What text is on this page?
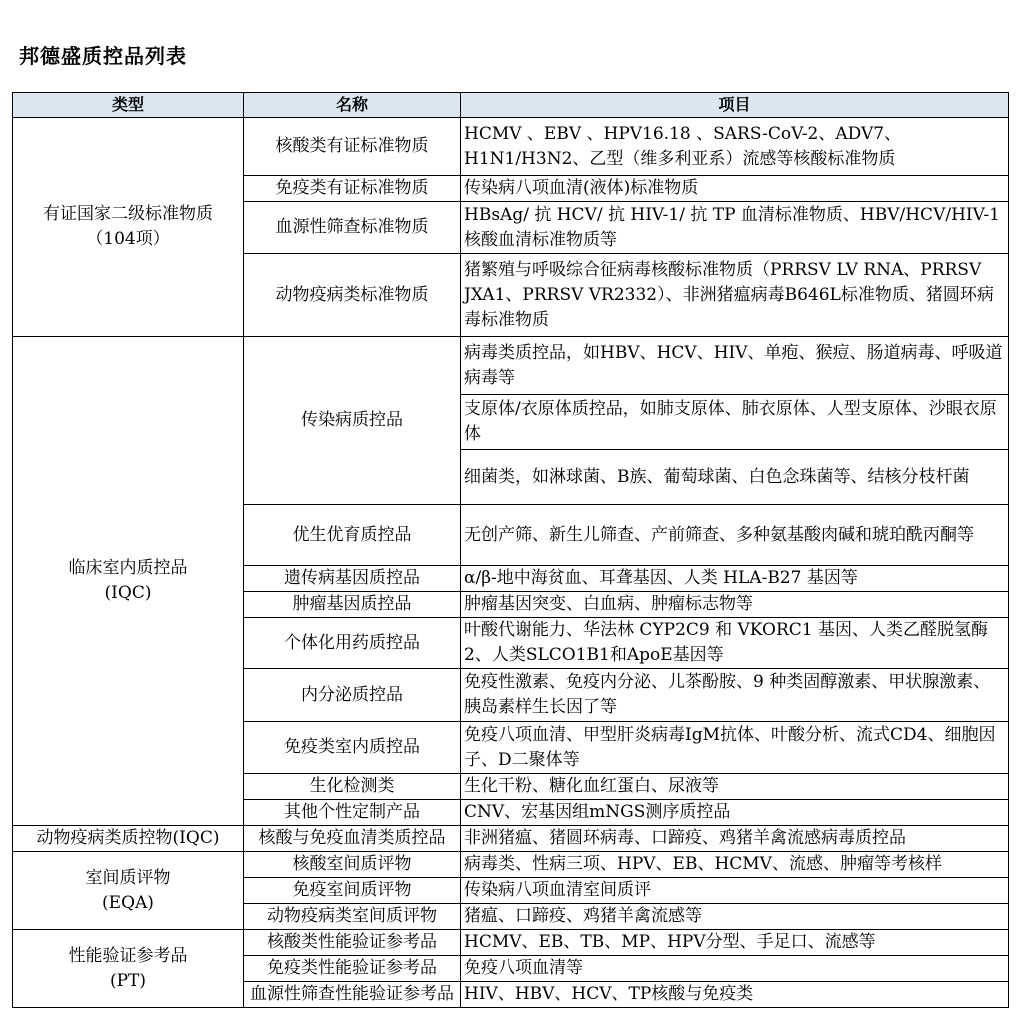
邦德盛质控品列表
类型	名称	项目

有证国家二级标准物质
（104项）	核酸类有证标准物质	HCMV 、EBV 、HPV16.18 、SARS-CoV-2、ADV7、H1N1/H3N2、乙型（维多利亚系）流感等核酸标准物质
	免疫类有证标准物质	传染病八项血清(液体)标准物质
	血源性筛查标准物质	HBsAg/ 抗 HCV/ 抗 HIV-1/ 抗 TP 血清标准物质、HBV/HCV/HIV-1核酸血清标准物质等
	动物疫病类标准物质	猪繁殖与呼吸综合征病毒核酸标准物质（PRRSV LV RNA、PRRSV JXA1、PRRSV VR2332）、非洲猪瘟病毒B646L标准物质、猪圆环病毒标准物质

临床室内质控品
(IQC)	传染病质控品	病毒类质控品，如HBV、HCV、HIV、单疱、猴痘、肠道病毒、呼吸道病毒等
		支原体/衣原体质控品，如肺支原体、肺衣原体、人型支原体、沙眼衣原体
		细菌类，如淋球菌、B族、葡萄球菌、白色念珠菌等、结核分枝杆菌
	优生优育质控品	无创产筛、新生儿筛查、产前筛查、多种氨基酸肉碱和琥珀酰丙酮等
	遗传病基因质控品	α/β-地中海贫血、耳聋基因、人类 HLA-B27 基因等
	肿瘤基因质控品	肿瘤基因突变、白血病、肿瘤标志物等
	个体化用药质控品	叶酸代谢能力、华法林 CYP2C9 和 VKORC1 基因、人类乙醛脱氢酶2、人类SLCO1B1和ApoE基因等
	内分泌质控品	免疫性激素、免疫内分泌、儿茶酚胺、9 种类固醇激素、甲状腺激素、胰岛素样生长因了等
	免疫类室内质控品	免疫八项血清、甲型肝炎病毒IgM抗体、叶酸分析、流式CD4、细胞因子、D二聚体等
	生化检测类	生化干粉、糖化血红蛋白、尿液等
	其他个性定制产品	CNV、宏基因组mNGS测序质控品
动物疫病类质控物(IQC)	核酸与免疫血清类质控品	非洲猪瘟、猪圆环病毒、口蹄疫、鸡猪羊禽流感病毒质控品

室间质评物
(EQA)	核酸室间质评物	病毒类、性病三项、HPV、EB、HCMV、流感、肿瘤等考核样
	免疫室间质评物	传染病八项血清室间质评
	动物疫病类室间质评物	猪瘟、口蹄疫、鸡猪羊禽流感等

性能验证参考品
(PT)	核酸类性能验证参考品	HCMV、EB、TB、MP、HPV分型、手足口、流感等
	免疫类性能验证参考品	免疫八项血清等
	血源性筛查性能验证参考品	HIV、HBV、HCV、TP核酸与免疫类
